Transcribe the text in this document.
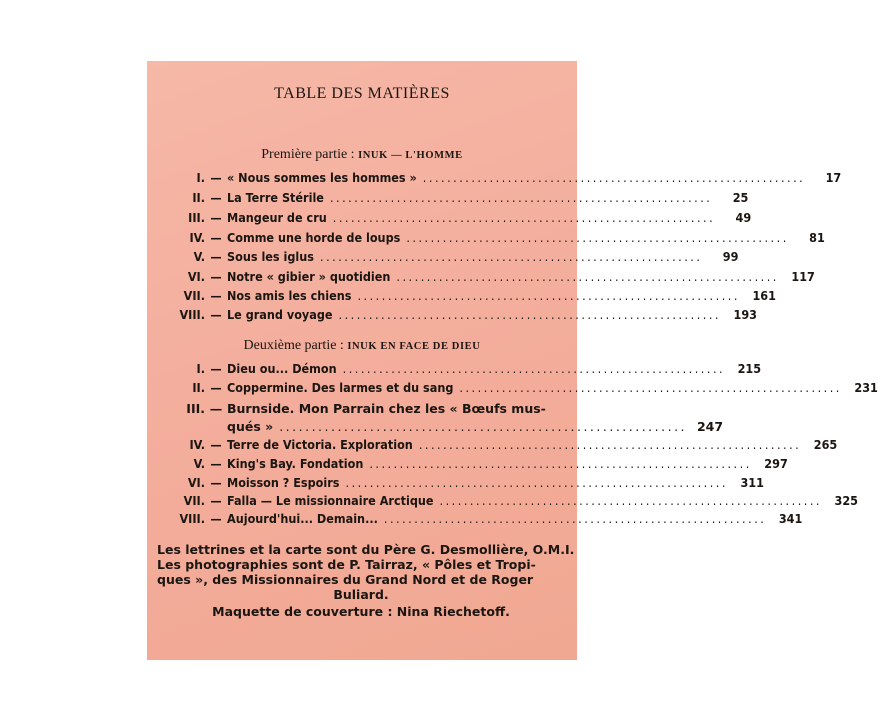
TABLE DES MATIÈRES
Première partie : INUK — L'HOMME
I. — « Nous sommes les hommes » ...............................................................	17
II. — La Terre Stérile ...............................................................	25
III. — Mangeur de cru ...............................................................	49
IV. — Comme une horde de loups ...............................................................	81
V. — Sous les iglus ...............................................................	99
VI. — Notre « gibier » quotidien ...............................................................	117
VII. — Nos amis les chiens ...............................................................	161
VIII. — Le grand voyage ...............................................................	193
Deuxième partie : INUK EN FACE DE DIEU
I. — Dieu ou... Démon ...............................................................	215
II. — Coppermine. Des larmes et du sang ...............................................................	231
III. — Burnside. Mon Parrain chez les « Bœufs mus-
qués » ............................................................... 247
IV. — Terre de Victoria. Exploration ...............................................................	265
V. — King's Bay. Fondation ...............................................................	297
VI. — Moisson ? Espoirs ...............................................................	311
VII. — Falla — Le missionnaire Arctique ...............................................................	325
VIII. — Aujourd'hui... Demain... ...............................................................	341
Les lettrines et la carte sont du Père G. Desmollière, O.M.I.
Les photographies sont de P. Tairraz, « Pôles et Tropi-
ques », des Missionnaires du Grand Nord et de Roger
Buliard.
Maquette de couverture : Nina Riechetoff.
